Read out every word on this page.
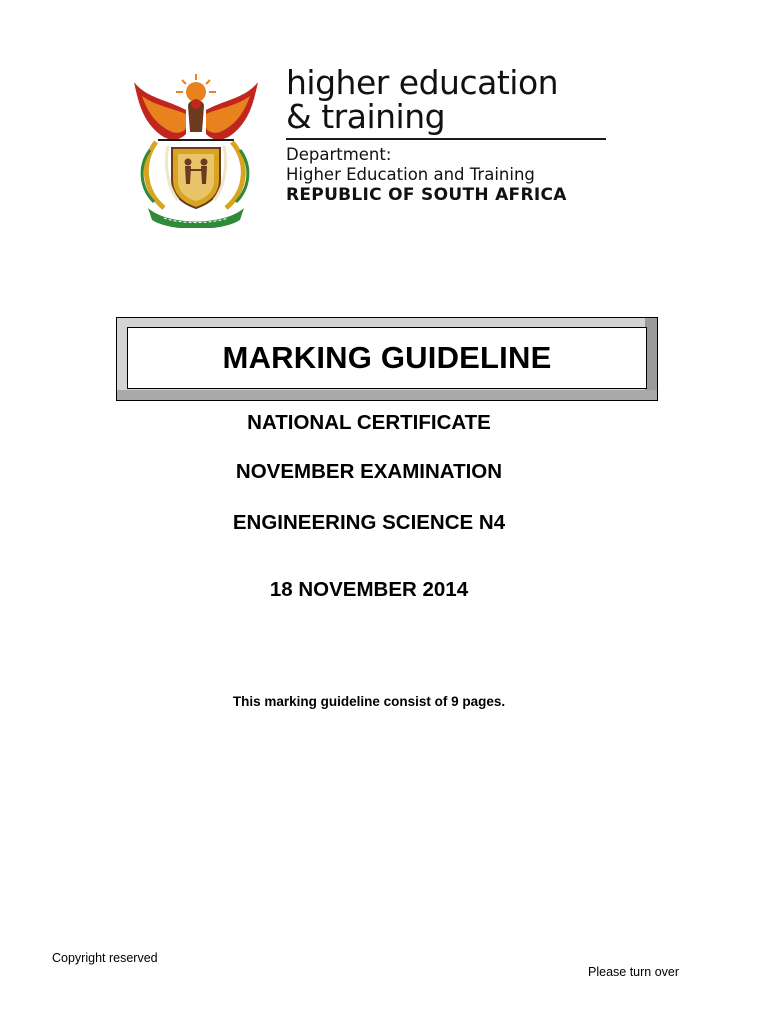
higher education
& training
Department:
Higher Education and Training
REPUBLIC OF SOUTH AFRICA
MARKING GUIDELINE
NATIONAL CERTIFICATE
NOVEMBER EXAMINATION
ENGINEERING SCIENCE N4
18 NOVEMBER 2014
This marking guideline consist of 9 pages.
Copyright reserved
Please turn over
